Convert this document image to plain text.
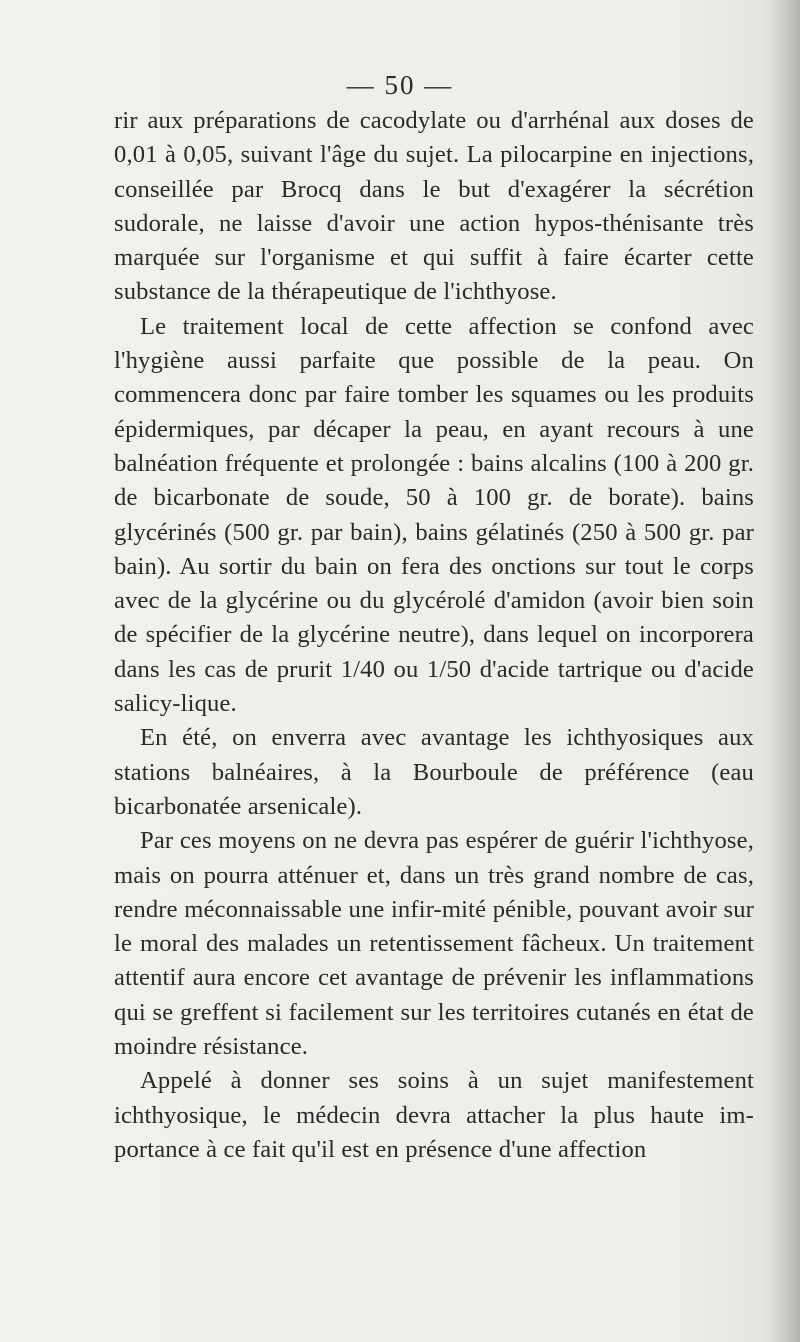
— 50 —

rir aux préparations de cacodylate ou d'arrhénal aux doses de 0,01 à 0,05, suivant l'âge du sujet. La pilocarpine en injections, conseillée par Brocq dans le but d'exagérer la sécrétion sudorale, ne laisse d'avoir une action hypos-thénisante très marquée sur l'organisme et qui suffit à faire écarter cette substance de la thérapeutique de l'ichthyose.

Le traitement local de cette affection se confond avec l'hygiène aussi parfaite que possible de la peau. On commencera donc par faire tomber les squames ou les produits épidermiques, par décaper la peau, en ayant recours à une balnéation fréquente et prolongée : bains alcalins (100 à 200 gr. de bicarbonate de soude, 50 à 100 gr. de borate). bains glycérinés (500 gr. par bain), bains gélatinés (250 à 500 gr. par bain). Au sortir du bain on fera des onctions sur tout le corps avec de la glycérine ou du glycérolé d'amidon (avoir bien soin de spécifier de la glycérine neutre), dans lequel on incorporera dans les cas de prurit 1/40 ou 1/50 d'acide tartrique ou d'acide salicy-lique.

En été, on enverra avec avantage les ichthyosiques aux stations balnéaires, à la Bourboule de préférence (eau bicarbonatée arsenicale).

Par ces moyens on ne devra pas espérer de guérir l'ichthyose, mais on pourra atténuer et, dans un très grand nombre de cas, rendre méconnaissable une infir-mité pénible, pouvant avoir sur le moral des malades un retentissement fâcheux. Un traitement attentif aura encore cet avantage de prévenir les inflammations qui se greffent si facilement sur les territoires cutanés en état de moindre résistance.

Appelé à donner ses soins à un sujet manifestement ichthyosique, le médecin devra attacher la plus haute im-portance à ce fait qu'il est en présence d'une affection
